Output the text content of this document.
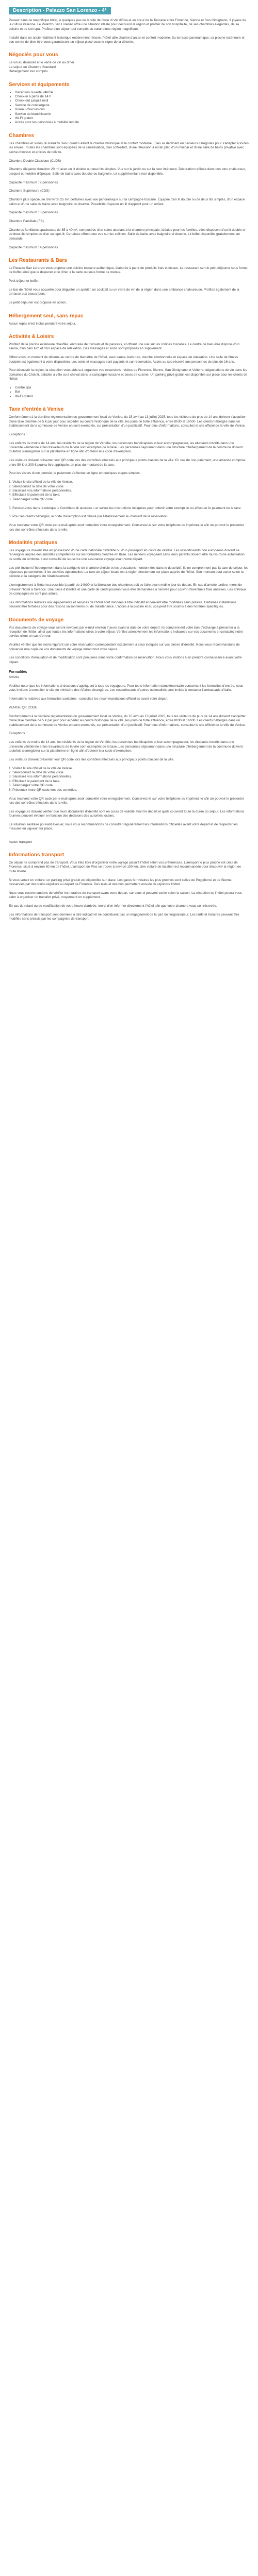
Description - Palazzo San Lorenzo - 4*

Passez dans ce magnifique hôtel, à quelques pas de la ville de Colle di Val d'Elsa et au cœur de la Toscane entre Florence, Sienne et San Gimignano, 3 joyaux de la culture italienne. Le Palazzo San Lorenzo offre une situation idéale pour découvrir la région et profiter de son hospitalité, de ses chambres élégantes, de sa cuisine et de son spa. Profitez d'un séjour tout compris au cœur d'une région magnifique.

Installé dans un ancien bâtiment historique entièrement rénové, l'hôtel allie charme d'antan et confort moderne. Sa terrasse panoramique, sa piscine extérieure et son centre de bien-être vous garantissent un séjour placé sous le signe de la détente.

Négociés pour vous

Le vin au déjeuner et le verre de vin au dîner
Le séjour en Chambre Standard
Hébergement tout compris

Services et équipements
• Réception ouverte 24h/24
• Check-in à partir de 14 h
• Check-out jusqu'à midi
• Service de conciergerie
• Bureau d'excursions
• Service de blanchisserie
• Wi-Fi gratuit
• Accès pour les personnes à mobilité réduite
Chambres

Les chambres et suites du Palazzo San Lorenzo allient le charme historique et le confort moderne. Elles se déclinent en plusieurs catégories pour s'adapter à toutes les envies. Toutes les chambres sont équipées de la climatisation, d'un coffre-fort, d'une télévision à écran plat, d'un minibar et d'une salle de bains privative avec sèche-cheveux et articles de toilette.

Chambre Double Classique (CLDB)

Chambre élégante d'environ 20 m² avec un lit double ou deux lits simples. Vue sur le jardin ou sur la cour intérieure. Décoration raffinée dans des tons chaleureux, parquet et mobilier d'époque. Salle de bains avec douche ou baignoire. Lit supplémentaire non disponible.

Capacité maximum : 2 personnes

Chambre Supérieure (CDS)

Chambre plus spacieuse d'environ 25 m², certaines avec vue panoramique sur la campagne toscane. Équipée d'un lit double ou de deux lits simples, d'un espace salon et d'une salle de bains avec baignoire ou douche. Possibilité d'ajouter un lit d'appoint pour un enfant.

Capacité maximum : 3 personnes

Chambre Familiale (FS)

Chambres familiales spacieuses de 35 à 40 m², composées d'un salon attenant à la chambre principale. Idéales pour les familles, elles disposent d'un lit double et de deux lits simples ou d'un canapé-lit. Certaines offrent une vue sur les collines. Salle de bains avec baignoire et douche. Lit bébé disponible gratuitement sur demande.

Capacité maximum : 4 personnes

Les Restaurants & Bars

Le Palazzo San Lorenzo vous propose une cuisine toscane authentique, élaborée à partir de produits frais et locaux. Le restaurant sert le petit-déjeuner sous forme de buffet ainsi que le déjeuner et le dîner à la carte ou sous forme de menus.

Petit-déjeuner buffet

Le bar de l'hôtel vous accueille pour déguster un apéritif, un cocktail ou un verre de vin de la région dans une ambiance chaleureuse. Profitez également de la terrasse aux beaux jours.

Le petit déjeuner est proposé en option.

Hébergement seul, sans repas

Aucun repas n'est inclus pendant votre séjour.

Activités & Loisirs

Profitez de la piscine extérieure chauffée, entourée de transats et de parasols, et offrant une vue sur les collines toscanes. Le centre de bien-être dispose d'un sauna, d'un bain turc et d'un espace de relaxation. Des massages et soins sont proposés en supplément.

Offrez-vous un moment de détente au centre de bien-être de l'hôtel, avec sauna, bain turc, douche émotionnelle et espace de relaxation. Une salle de fitness équipée est également à votre disposition. Les soins et massages sont payants et sur réservation. Accès au spa réservé aux personnes de plus de 16 ans.

Pour découvrir la région, la réception vous aidera à organiser vos excursions : visites de Florence, Sienne, San Gimignano et Volterra, dégustations de vin dans les domaines du Chianti, balades à vélo ou à cheval dans la campagne toscane et cours de cuisine. Un parking privé gratuit est disponible sur place pour les clients de l'hôtel.

• Centre spa
• Bar
• Wi-Fi gratuit
Taxe d'entrée à Venise

Conformément à la dernière réglementation du gouvernement local de Venise, du 15 avril au 13 juillet 2025, tous les visiteurs de plus de 14 ans doivent s'acquitter d'une taxe d'entrée de 5 € par jour pour accéder au centre historique de la ville, les jours de forte affluence, entre 8h30 et 16h00. Les clients hébergés dans un établissement de la commune de Venise en sont exemptés, sur présentation d'un justificatif. Pour plus d'informations, consultez le site officiel de la ville de Venise.

Exceptions :

Les enfants de moins de 14 ans, les résidents de la région de Vénétie, les personnes handicapées et leur accompagnateur, les étudiants inscrits dans une université vénitienne et les travailleurs de la ville sont exemptés de la taxe. Les personnes séjournant dans une structure d'hébergement de la commune doivent toutefois s'enregistrer sur la plateforme en ligne afin d'obtenir leur code d'exemption.

Les visiteurs doivent présenter leur QR code lors des contrôles effectués aux principaux points d'accès de la ville. En cas de non-paiement, une amende comprise entre 50 € et 300 € pourra être appliquée, en plus du montant de la taxe.

Pour les visites d'une journée, le paiement s'effectue en ligne en quelques étapes simples :

1. Visitez le site officiel de la ville de Venise.
2. Sélectionnez la date de votre visite.
3. Saisissez vos informations personnelles.
4. Effectuez le paiement de la taxe.
5. Téléchargez votre QR code.

5. Rendez-vous dans la rubrique « Contributo di accesso » et suivez les instructions indiquées pour obtenir votre exemption ou effectuer le paiement de la taxe.

6. Pour les clients hébergés, le code d'exemption est délivré par l'établissement au moment de la réservation.

Vous recevrez votre QR code par e-mail après avoir complété votre enregistrement. Conservez-le sur votre téléphone ou imprimez-le afin de pouvoir le présenter lors des contrôles effectués dans la ville.

Modalités pratiques

Les voyageurs doivent être en possession d'une carte nationale d'identité ou d'un passeport en cours de validité. Les ressortissants non européens doivent se renseigner auprès des autorités compétentes sur les formalités d'entrée en Italie. Les mineurs voyageant sans leurs parents doivent être munis d'une autorisation de sortie du territoire. Il est conseillé de souscrire une assurance voyage avant votre départ.

Les prix incluent l'hébergement dans la catégorie de chambre choisie et les prestations mentionnées dans le descriptif. Ils ne comprennent pas la taxe de séjour, les dépenses personnelles ni les activités optionnelles. La taxe de séjour locale est à régler directement sur place auprès de l'hôtel. Son montant peut varier selon la période et la catégorie de l'établissement.

L'enregistrement à l'hôtel est possible à partir de 14h00 et la libération des chambres doit se faire avant midi le jour du départ. En cas d'arrivée tardive, merci de prévenir l'hôtel à l'avance. Une pièce d'identité et une carte de crédit pourront vous être demandées à l'arrivée pour couvrir d'éventuels frais annexes. Les animaux de compagnie ne sont pas admis.

Les informations relatives aux équipements et services de l'hôtel sont données à titre indicatif et peuvent être modifiées sans préavis. Certaines installations peuvent être fermées pour des raisons saisonnières ou de maintenance. L'accès à la piscine et au spa peut être soumis à des horaires spécifiques.

Documents de voyage

Vos documents de voyage vous seront envoyés par e-mail environ 7 jours avant la date de votre départ. Ils comprennent votre bon d'échange à présenter à la réception de l'hôtel, ainsi que toutes les informations utiles à votre séjour. Vérifiez attentivement les informations indiquées sur vos documents et contactez notre service client en cas d'erreur.

Veuillez vérifier que les noms figurant sur votre réservation correspondent exactement à ceux indiqués sur vos pièces d'identité. Nous vous recommandons de conserver une copie de vos documents de voyage durant tout votre séjour.

Les conditions d'annulation et de modification sont précisées dans votre confirmation de réservation. Nous vous invitons à en prendre connaissance avant votre départ.

Formalités

Arrivée

Veuillez noter que les informations ci-dessous s'appliquent à tous les voyageurs. Pour toute information complémentaire concernant les formalités d'entrée, nous vous invitons à consulter le site du ministère des Affaires étrangères. Les ressortissants d'autres nationalités sont invités à contacter l'ambassade d'Italie.

Informations relatives aux formalités sanitaires : consultez les recommandations officielles avant votre départ.

VENISE QR CODE

Conformément à la dernière réglementation du gouvernement local de Venise, du 15 avril au 13 juillet 2025, tous les visiteurs de plus de 14 ans doivent s'acquitter d'une taxe d'entrée de 5 € par jour pour accéder au centre historique de la ville, les jours de forte affluence, entre 8h30 et 16h00. Les clients hébergés dans un établissement de la commune de Venise en sont exemptés, sur présentation d'un justificatif. Pour plus d'informations, consultez le site officiel de la ville de Venise.

Exceptions :

Les enfants de moins de 14 ans, les résidents de la région de Vénétie, les personnes handicapées et leur accompagnateur, les étudiants inscrits dans une université vénitienne et les travailleurs de la ville sont exemptés de la taxe. Les personnes séjournant dans une structure d'hébergement de la commune doivent toutefois s'enregistrer sur la plateforme en ligne afin d'obtenir leur code d'exemption.

Les visiteurs doivent présenter leur QR code lors des contrôles effectués aux principaux points d'accès de la ville.

1. Visitez le site officiel de la ville de Venise.
2. Sélectionnez la date de votre visite.
3. Saisissez vos informations personnelles.
4. Effectuez le paiement de la taxe.
5. Téléchargez votre QR code.
6. Présentez votre QR code lors des contrôles.

Vous recevrez votre QR code par e-mail après avoir complété votre enregistrement. Conservez-le sur votre téléphone ou imprimez-le afin de pouvoir le présenter lors des contrôles effectués dans la ville.

Les voyageurs doivent vérifier que leurs documents d'identité sont en cours de validité avant le départ et qu'ils couvrent toute la durée du séjour. Les informations fournies peuvent évoluer en fonction des décisions des autorités locales.

La situation sanitaire pouvant évoluer, nous vous recommandons de consulter régulièrement les informations officielles avant votre départ et de respecter les mesures en vigueur sur place.

Aucun transport

Informations transport

Ce séjour ne comprend pas de transport. Vous êtes libre d'organiser votre voyage jusqu'à l'hôtel selon vos préférences. L'aéroport le plus proche est celui de Florence, situé à environ 60 km de l'hôtel. L'aéroport de Pise se trouve à environ 100 km. Une voiture de location est recommandée pour découvrir la région en toute liberté.

Si vous venez en voiture, un parking privé gratuit est disponible sur place. Les gares ferroviaires les plus proches sont celles de Poggibonsi et de Sienne, desservies par des trains réguliers au départ de Florence. Des taxis et des bus permettent ensuite de rejoindre l'hôtel.

Nous vous recommandons de vérifier les horaires de transport avant votre départ, car ceux-ci peuvent varier selon la saison. La réception de l'hôtel pourra vous aider à organiser un transfert privé, moyennant un supplément.

En cas de retard ou de modification de votre heure d'arrivée, merci d'en informer directement l'hôtel afin que votre chambre vous soit réservée.

Les informations de transport sont données à titre indicatif et ne constituent pas un engagement de la part de l'organisateur. Les tarifs et horaires peuvent être modifiés sans préavis par les compagnies de transport.
